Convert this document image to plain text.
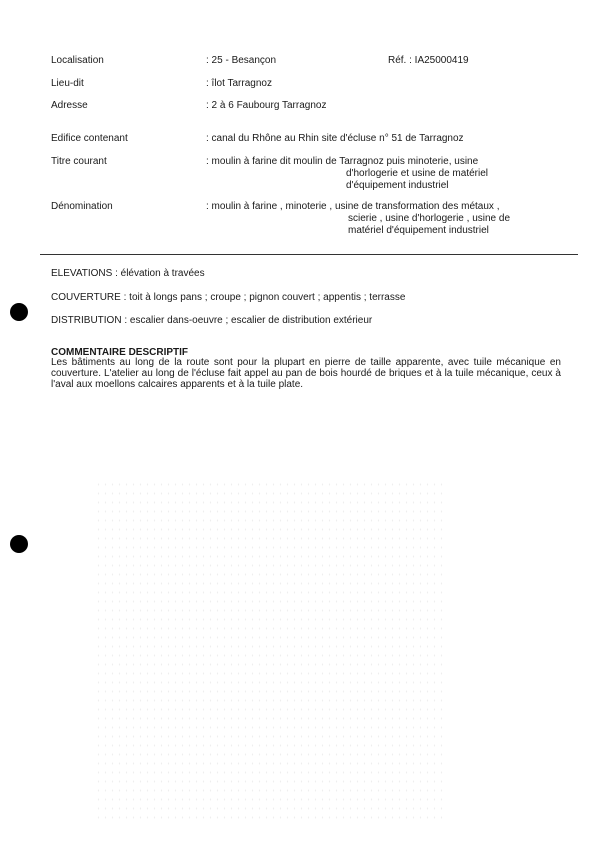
Localisation	: 25 - Besançon	Réf. : IA25000419
Lieu-dit	: îlot Tarragnoz
Adresse	: 2 à 6 Faubourg Tarragnoz
Edifice contenant	: canal du Rhône au Rhin site d'écluse n° 51 de Tarragnoz
Titre courant	: moulin à farine dit moulin de Tarragnoz puis minoterie, usine
d'horlogerie et usine de matériel
d'équipement industriel
Dénomination	: moulin à farine , minoterie , usine de transformation des métaux ,
scierie , usine d'horlogerie , usine de
matériel d'équipement industriel
ELEVATIONS : élévation à travées
COUVERTURE : toit à longs pans ; croupe ; pignon couvert ; appentis ; terrasse
DISTRIBUTION : escalier dans-oeuvre ; escalier de distribution extérieur
COMMENTAIRE DESCRIPTIF
Les bâtiments au long de la route sont pour la plupart en pierre de taille apparente, avec tuile mécanique en couverture. L'atelier au long de l'écluse fait appel au pan de bois hourdé de briques et à la tuile mécanique, ceux à l'aval aux moellons calcaires apparents et à la tuile plate.
